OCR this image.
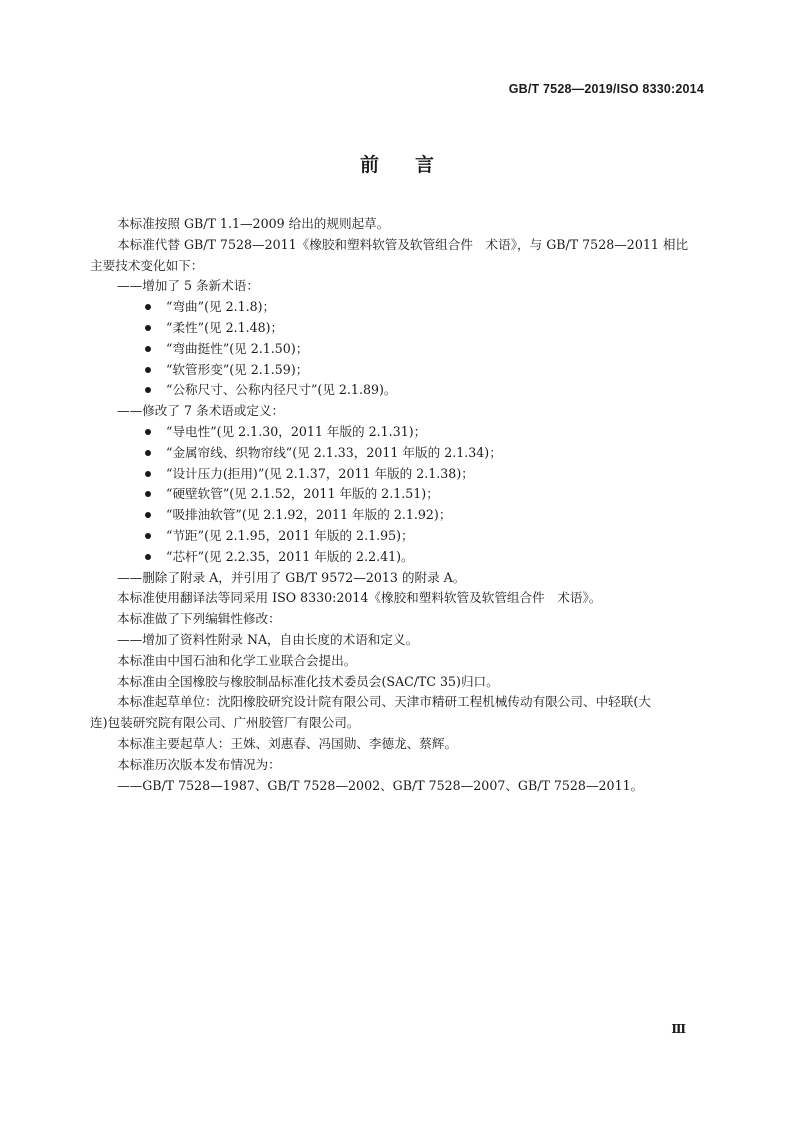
GB/T 7528—2019/ISO 8330:2014
前言

本标准按照 GB/T 1.1—2009 给出的规则起草。

本标准代替 GB/T 7528—2011《橡胶和塑料软管及软管组合件　术语》，与 GB/T 7528—2011 相比

主要技术变化如下：

——增加了 5 条新术语：

“弯曲”(见 2.1.8)；

“柔性”(见 2.1.48)；

“弯曲挺性”(见 2.1.50)；

“软管形变”(见 2.1.59)；

“公称尺寸、公称内径尺寸”(见 2.1.89)。

——修改了 7 条术语或定义：

“导电性”(见 2.1.30，2011 年版的 2.1.31)；

“金属帘线、织物帘线”(见 2.1.33，2011 年版的 2.1.34)；

“设计压力(拒用)”(见 2.1.37，2011 年版的 2.1.38)；

“硬壁软管”(见 2.1.52，2011 年版的 2.1.51)；

“吸排油软管”(见 2.1.92，2011 年版的 2.1.92)；

“节距”(见 2.1.95，2011 年版的 2.1.95)；

“芯杆”(见 2.2.35，2011 年版的 2.2.41)。

——删除了附录 A，并引用了 GB/T 9572—2013 的附录 A。

本标准使用翻译法等同采用 ISO 8330:2014《橡胶和塑料软管及软管组合件　术语》。

本标准做了下列编辑性修改：

——增加了资料性附录 NA，自由长度的术语和定义。

本标准由中国石油和化学工业联合会提出。

本标准由全国橡胶与橡胶制品标准化技术委员会(SAC/TC 35)归口。

本标准起草单位：沈阳橡胶研究设计院有限公司、天津市精研工程机械传动有限公司、中轻联(大

连)包装研究院有限公司、广州胶管厂有限公司。

本标准主要起草人：王姝、刘惠春、冯国勋、李德龙、蔡辉。

本标准历次版本发布情况为：

——GB/T 7528—1987、GB/T 7528—2002、GB/T 7528—2007、GB/T 7528—2011。

Ⅲ
